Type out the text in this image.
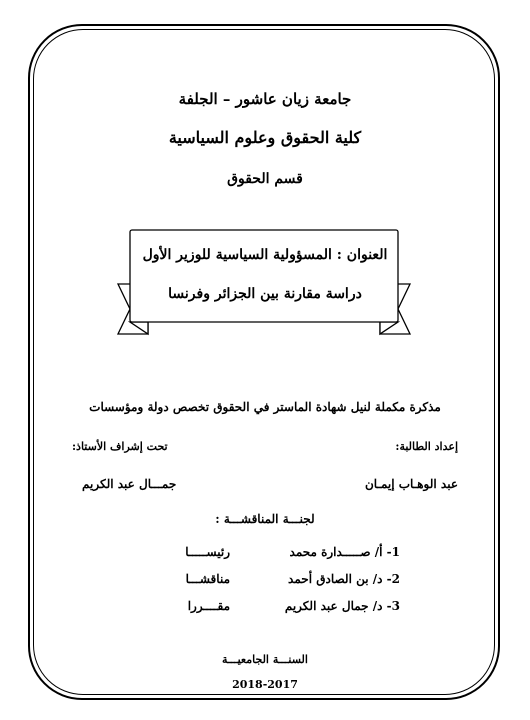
جامعة زيان عاشور – الجلفة
كلية الحقوق وعلوم السياسية
قسم الحقوق
العنوان : المسؤولية السياسية للوزير الأول
دراسة مقارنة بين الجزائر وفرنسا
مذكرة مكملة لنيل شهادة الماستر في الحقوق تخصص دولة ومؤسسات
إعداد الطالبة:
تحت إشراف الأستاذ:
عبد الوهـاب إيمـان
جمـــال عبد الكريم
لجنـــة المناقشـــة :
1- أ/ صـــــدارة محمد
رئيســـــا
2- د/ بن الصادق أحمد
مناقشـــا
3- د/ جمال عبد الكريم
مقــــررا
السنـــة الجامعيـــة
2018-2017
